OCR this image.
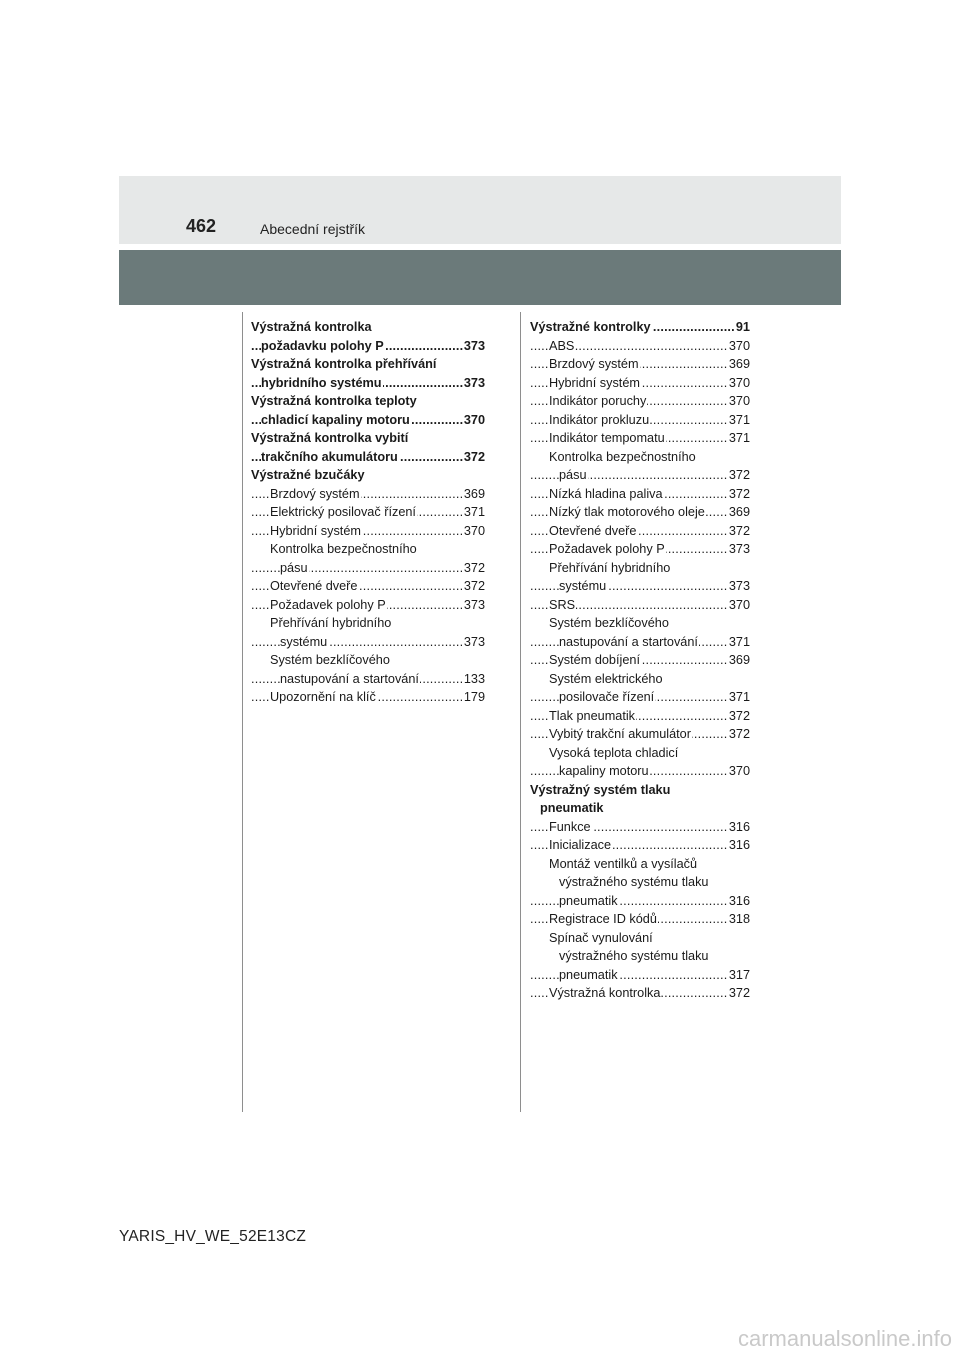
462	Abecední rejstřík
Výstražná kontrolka
požadavku polohy P	373
.....
Výstražná kontrolka přehřívání
hybridního systému	373
.....
Výstražná kontrolka teploty
chladicí kapaliny motoru	370
.....
Výstražná kontrolka vybití
trakčního akumulátoru	372
.....
Výstražné bzučáky
Brzdový systém	369
.....
Elektrický posilovač řízení	371
.....
Hybridní systém	370
.....
Kontrolka bezpečnostního
pásu	372
.....
Otevřené dveře	372
.....
Požadavek polohy P	373
.....
Přehřívání hybridního
systému	373
.....
Systém bezklíčového
nastupování a startování	133
.....
Upozornění na klíč	179
.....
Výstražné kontrolky	91
.....
ABS	370
.....
Brzdový systém	369
.....
Hybridní systém	370
.....
Indikátor poruchy	370
.....
Indikátor prokluzu	371
.....
Indikátor tempomatu	371
.....
Kontrolka bezpečnostního
pásu	372
.....
Nízká hladina paliva	372
.....
Nízký tlak motorového oleje 369
.....
Otevřené dveře	372
.....
Požadavek polohy P	373
.....
Přehřívání hybridního
systému	373
.....
SRS	370
.....
Systém bezklíčového
nastupování a startování 371
.....
Systém dobíjení	369
.....
Systém elektrického
posilovače řízení	371
.....
Tlak pneumatik	372
.....
Vybitý trakční akumulátor	372
.....
Vysoká teplota chladicí
kapaliny motoru	370
.....
Výstražný systém tlaku
pneumatik
Funkce	316
.....
Inicializace	316
.....
Montáž ventilků a vysílačů
výstražného systému tlaku
pneumatik	316
.....
Registrace ID kódů	318
.....
Spínač vynulování
výstražného systému tlaku
pneumatik	317
.....
Výstražná kontrolka	372
.....
YARIS_HV_WE_52E13CZ
carmanualsonline.info
